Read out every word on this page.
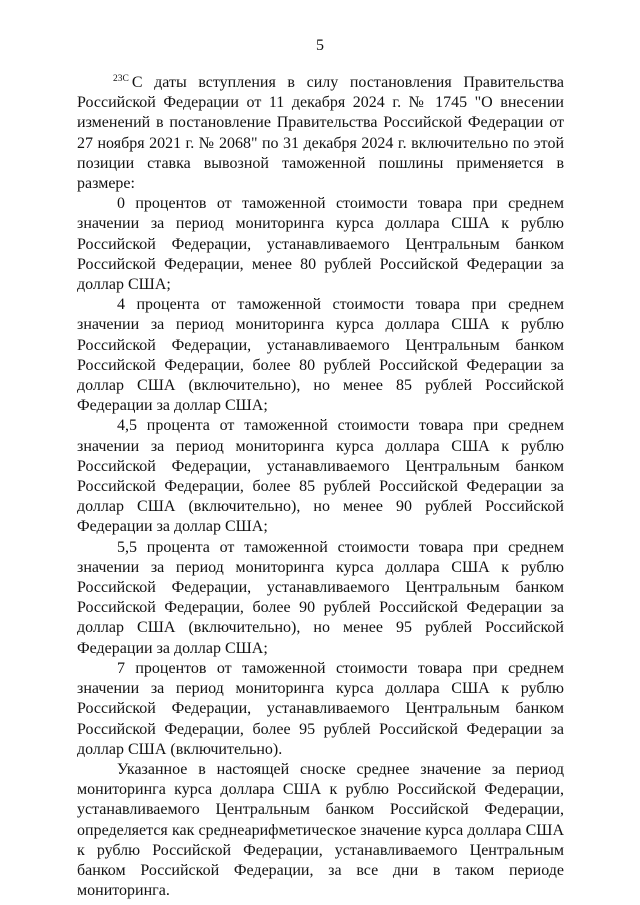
5

$^{23С}$ С даты вступления в силу постановления Правительства Российской Федерации от 11 декабря 2024 г. № 1745 "О внесении изменений в постановление Правительства Российской Федерации от 27 ноября 2021 г. № 2068" по 31 декабря 2024 г. включительно по этой позиции ставка вывозной таможенной пошлины применяется в размере:

0 процентов от таможенной стоимости товара при среднем значении за период мониторинга курса доллара США к рублю Российской Федерации, устанавливаемого Центральным банком Российской Федерации, менее 80 рублей Российской Федерации за доллар США;

4 процента от таможенной стоимости товара при среднем значении за период мониторинга курса доллара США к рублю Российской Федерации, устанавливаемого Центральным банком Российской Федерации, более 80 рублей Российской Федерации за доллар США (включительно), но менее 85 рублей Российской Федерации за доллар США;

4,5 процента от таможенной стоимости товара при среднем значении за период мониторинга курса доллара США к рублю Российской Федерации, устанавливаемого Центральным банком Российской Федерации, более 85 рублей Российской Федерации за доллар США (включительно), но менее 90 рублей Российской Федерации за доллар США;

5,5 процента от таможенной стоимости товара при среднем значении за период мониторинга курса доллара США к рублю Российской Федерации, устанавливаемого Центральным банком Российской Федерации, более 90 рублей Российской Федерации за доллар США (включительно), но менее 95 рублей Российской Федерации за доллар США;

7 процентов от таможенной стоимости товара при среднем значении за период мониторинга курса доллара США к рублю Российской Федерации, устанавливаемого Центральным банком Российской Федерации, более 95 рублей Российской Федерации за доллар США (включительно).

Указанное в настоящей сноске среднее значение за период мониторинга курса доллара США к рублю Российской Федерации, устанавливаемого Центральным банком Российской Федерации, определяется как среднеарифметическое значение курса доллара США к рублю Российской Федерации, устанавливаемого Центральным банком Российской Федерации, за все дни в таком периоде мониторинга.
